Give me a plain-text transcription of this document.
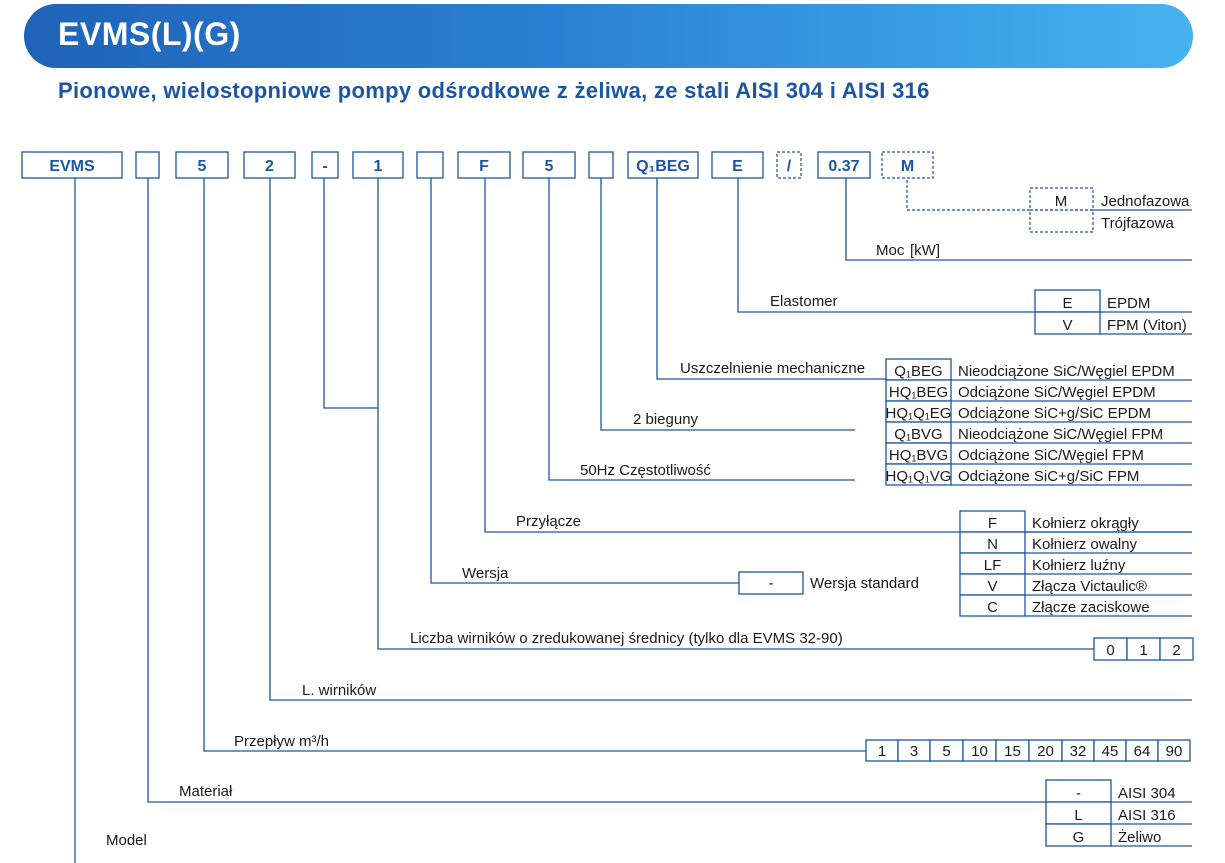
EVMS(L)(G)
Pionowe, wielostopniowe pompy odśrodkowe z żeliwa, ze stali AISI 304 i AISI 316
EVMS	5	2	-	1	F	5	Q₁BEG	E	/ 0.37	M
M Jednofazowa
Trójfazowa
Moc [kW]
Elastomer	E EPDM
V FPM (Viton)
Uszczelnienie mechaniczne Q₁BEG Nieodciążone SiC/Węgiel EPDM
HQ₁BEG Odciążone SiC/Węgiel EPDM
HQ₁Q₁EG Odciążone SiC+g/SiC EPDM
Q₁BVG Nieodciążone SiC/Węgiel FPM
HQ₁BVG Odciążone SiC/Węgiel FPM
HQ₁Q₁VG Odciążone SiC+g/SiC FPM
2 bieguny
50Hz Częstotliwość
Przyłącze	F Kołnierz okrągły
N Kołnierz owalny
LF Kołnierz luźny
V Złącza Victaulic®
C Złącze zaciskowe
Wersja
- Wersja standard
Liczba wirników o zredukowanej średnicy (tylko dla EVMS 32-90)
0 1 2
L. wirników
Przepływ m³/h
1 3 5 10 15 20 32 45 64 90
Materiał	- AISI 304
L AISI 316
G Żeliwo
Model
